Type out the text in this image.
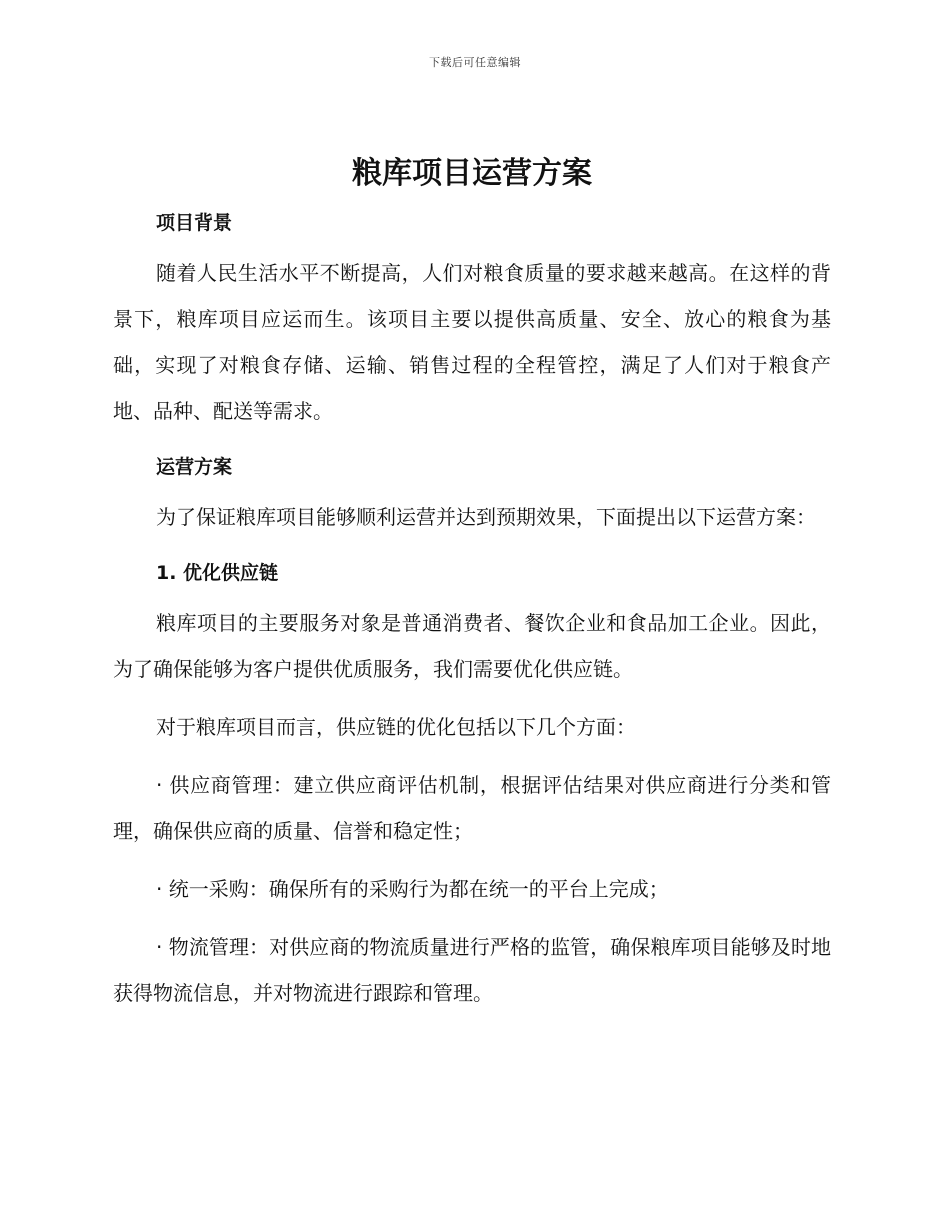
下载后可任意编辑
粮库项目运营方案
项目背景

随着人民生活水平不断提高，人们对粮食质量的要求越来越高。在这样的背景下，粮库项目应运而生。该项目主要以提供高质量、安全、放心的粮食为基础，实现了对粮食存储、运输、销售过程的全程管控，满足了人们对于粮食产地、品种、配送等需求。

运营方案

为了保证粮库项目能够顺利运营并达到预期效果，下面提出以下运营方案：

1. 优化供应链

粮库项目的主要服务对象是普通消费者、餐饮企业和食品加工企业。因此，为了确保能够为客户提供优质服务，我们需要优化供应链。

对于粮库项目而言，供应链的优化包括以下几个方面：

· 供应商管理：建立供应商评估机制，根据评估结果对供应商进行分类和管理，确保供应商的质量、信誉和稳定性；

· 统一采购：确保所有的采购行为都在统一的平台上完成；

· 物流管理：对供应商的物流质量进行严格的监管，确保粮库项目能够及时地获得物流信息，并对物流进行跟踪和管理。
